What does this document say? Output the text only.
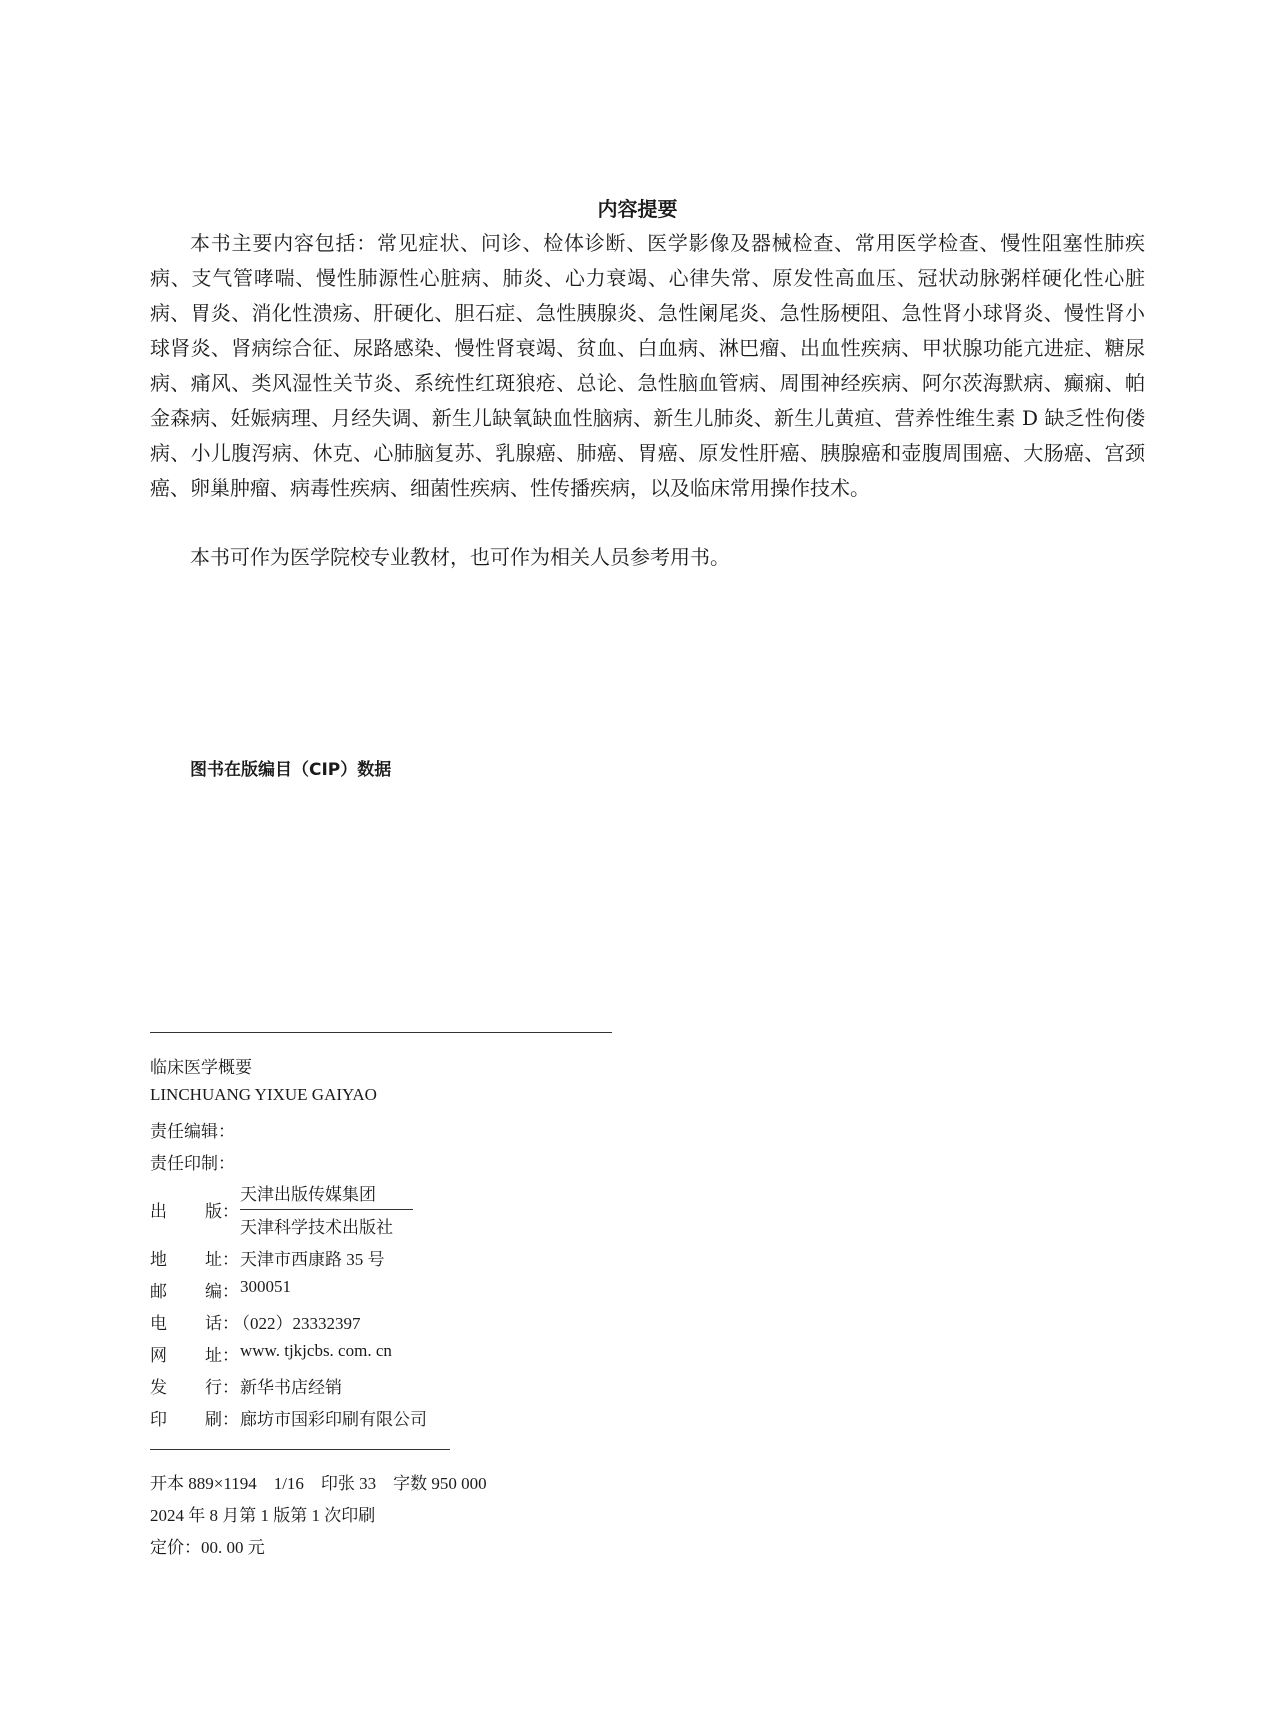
内容提要

本书主要内容包括：常见症状、问诊、检体诊断、医学影像及器械检查、常用医学检查、慢性阻塞性肺疾病、支气管哮喘、慢性肺源性心脏病、肺炎、心力衰竭、心律失常、原发性高血压、冠状动脉粥样硬化性心脏病、胃炎、消化性溃疡、肝硬化、胆石症、急性胰腺炎、急性阑尾炎、急性肠梗阻、急性肾小球肾炎、慢性肾小球肾炎、肾病综合征、尿路感染、慢性肾衰竭、贫血、白血病、淋巴瘤、出血性疾病、甲状腺功能亢进症、糖尿病、痛风、类风湿性关节炎、系统性红斑狼疮、总论、急性脑血管病、周围神经疾病、阿尔茨海默病、癫痫、帕金森病、妊娠病理、月经失调、新生儿缺氧缺血性脑病、新生儿肺炎、新生儿黄疸、营养性维生素 D 缺乏性佝偻病、小儿腹泻病、休克、心肺脑复苏、乳腺癌、肺癌、胃癌、原发性肝癌、胰腺癌和壶腹周围癌、大肠癌、宫颈癌、卵巢肿瘤、病毒性疾病、细菌性疾病、性传播疾病，以及临床常用操作技术。

本书可作为医学院校专业教材，也可作为相关人员参考用书。

图书在版编目（CIP）数据
临床医学概要
LINCHUANG YIXUE GAIYAO
责任编辑：
责任印制：
出 版：
天津出版传媒集团
天津科学技术出版社
地 址： 天津市西康路 35 号
邮 编： 300051
电 话：
（022）23332397
网 址： www. tjkjcbs. com. cn
发 行： 新华书店经销
印 刷： 廊坊市国彩印刷有限公司
开本 889×1194　1/16　印张 33　字数 950 000
2024 年 8 月第 1 版第 1 次印刷
定价：00. 00 元
